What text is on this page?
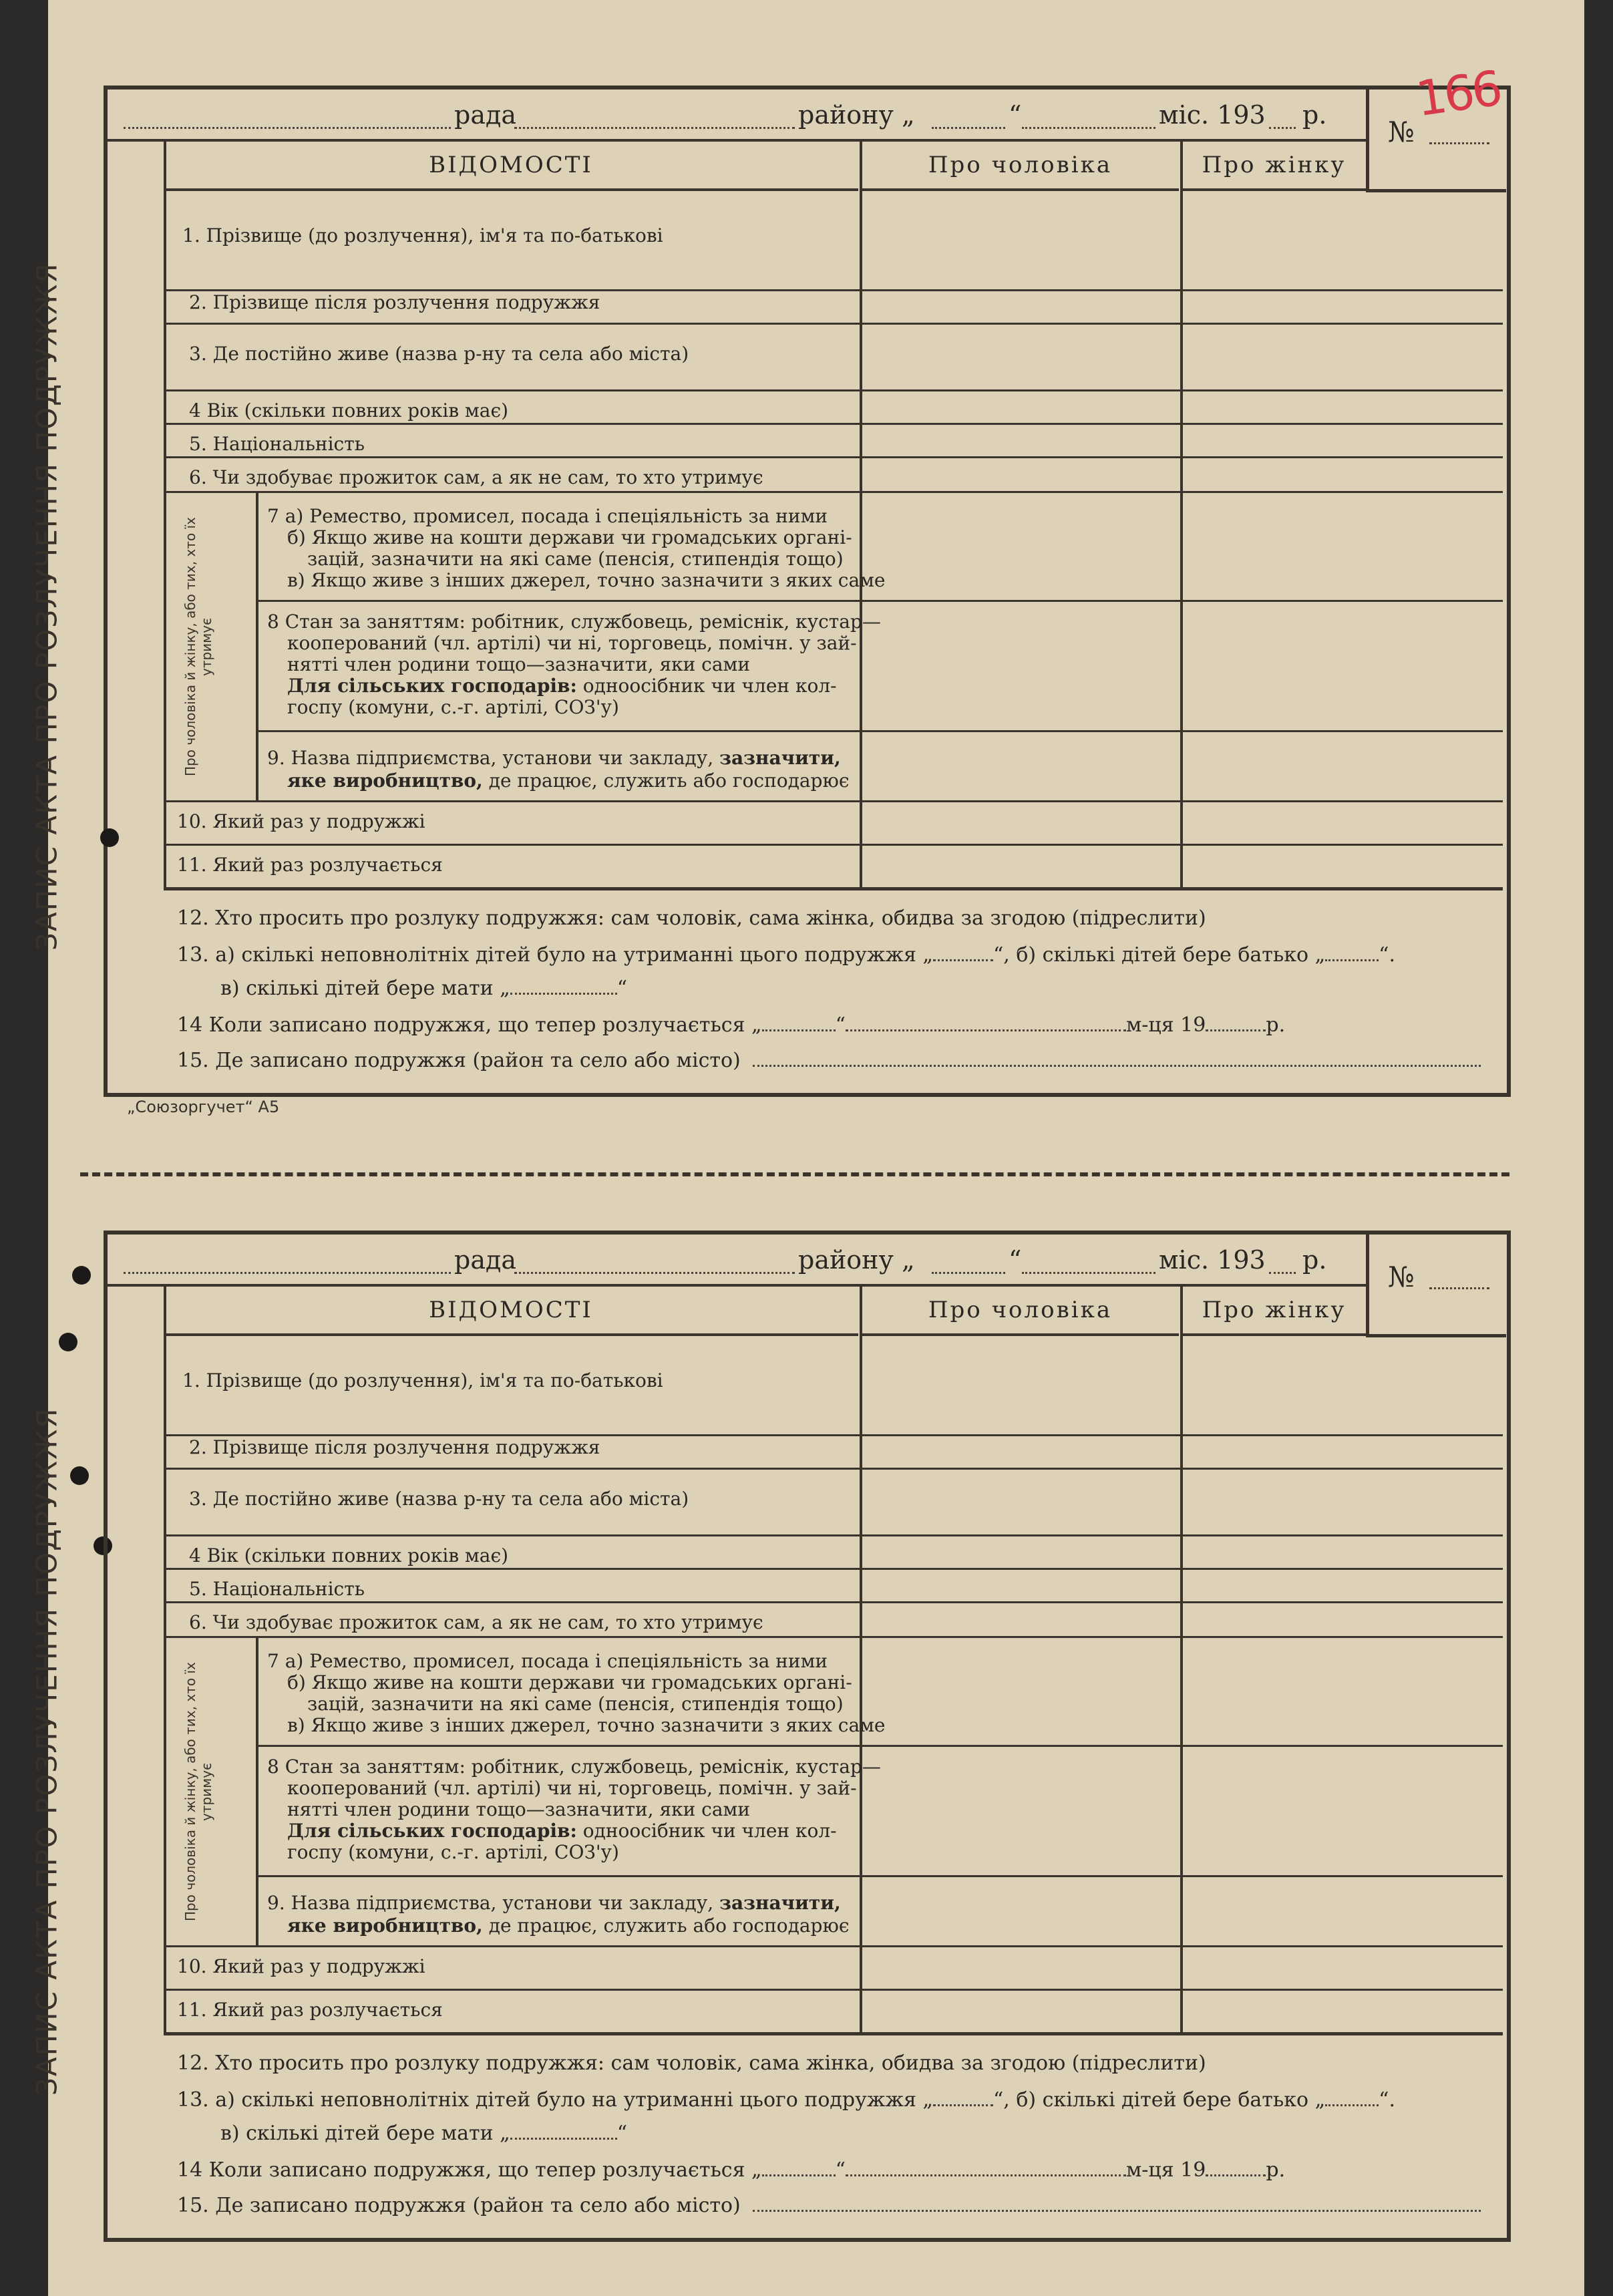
ЗАПИС АКТА ПРО РОЗЛУЧЕННЯ ПОДРУЖЖЯ
рада	району „	“	міс. 193 р.
№
166
ВІДОМОСТІ	Про чоловіка	Про жінку
Про чоловіка й жінку, або тих, хто їх утримує
1. Прізвище (до розлучення), ім'я та по-батькові
2. Прізвище після розлучення подружжя
3. Де постійно живе (назва р-ну та села або міста)
4 Вік (скільки повних років має)
5. Національність
6. Чи здобуває прожиток сам, а як не сам, то хто утримує
7 а) Ремество, промисел, посада і спеціяльність за ними
б) Якщо живе на кошти держави чи громадських органі-
зацій, зазначити на які саме (пенсія, стипендія тощо)
в) Якщо живе з інших джерел, точно зазначити з яких саме
8 Стан за заняттям: робітник, службовець, реміснік, кустар—
кооперований (чл. артілі) чи ні, торговець, помічн. у зай-
нятті член родини тощо—зазначити, яки сами
Для сільських господарів: одноосібник чи член кол-
госпу (комуни, с.-г. артілі, СОЗ'у)
9. Назва підприємства, установи чи закладу, зазначити,
яке виробництво, де працює, служить або господарює
10. Який раз у подружжі
11. Який раз розлучається
12. Хто просить про розлуку подружжя: сам чоловік, сама жінка, обидва за згодою (підреслити)
13. а) скількі неповнолітніх дітей було на утриманні цього подружжя „	“, б) скількі дітей бере батько „	“.
в) скількі дітей бере мати „	“
14 Коли записано подружжя, що тепер розлучається „	“	м-ця 19	р.
15. Де записано подружжя (район та село або місто)
„Союзоргучет“ А5
ЗАПИС АКТА ПРО РОЗЛУЧЕННЯ ПОДРУЖЖЯ
рада	району „	“	міс. 193 р.
№
ВІДОМОСТІ	Про чоловіка	Про жінку
Про чоловіка й жінку, або тих, хто їх утримує
1. Прізвище (до розлучення), ім'я та по-батькові
2. Прізвище після розлучення подружжя
3. Де постійно живе (назва р-ну та села або міста)
4 Вік (скільки повних років має)
5. Національність
6. Чи здобуває прожиток сам, а як не сам, то хто утримує
7 а) Ремество, промисел, посада і спеціяльність за ними
б) Якщо живе на кошти держави чи громадських органі-
зацій, зазначити на які саме (пенсія, стипендія тощо)
в) Якщо живе з інших джерел, точно зазначити з яких саме
8 Стан за заняттям: робітник, службовець, реміснік, кустар—
кооперований (чл. артілі) чи ні, торговець, помічн. у зай-
нятті член родини тощо—зазначити, яки сами
Для сільських господарів: одноосібник чи член кол-
госпу (комуни, с.-г. артілі, СОЗ'у)
9. Назва підприємства, установи чи закладу, зазначити,
яке виробництво, де працює, служить або господарює
10. Який раз у подружжі
11. Який раз розлучається
12. Хто просить про розлуку подружжя: сам чоловік, сама жінка, обидва за згодою (підреслити)
13. а) скількі неповнолітніх дітей було на утриманні цього подружжя „	“, б) скількі дітей бере батько „	“.
в) скількі дітей бере мати „	“
14 Коли записано подружжя, що тепер розлучається „	“	м-ця 19	р.
15. Де записано подружжя (район та село або місто)
